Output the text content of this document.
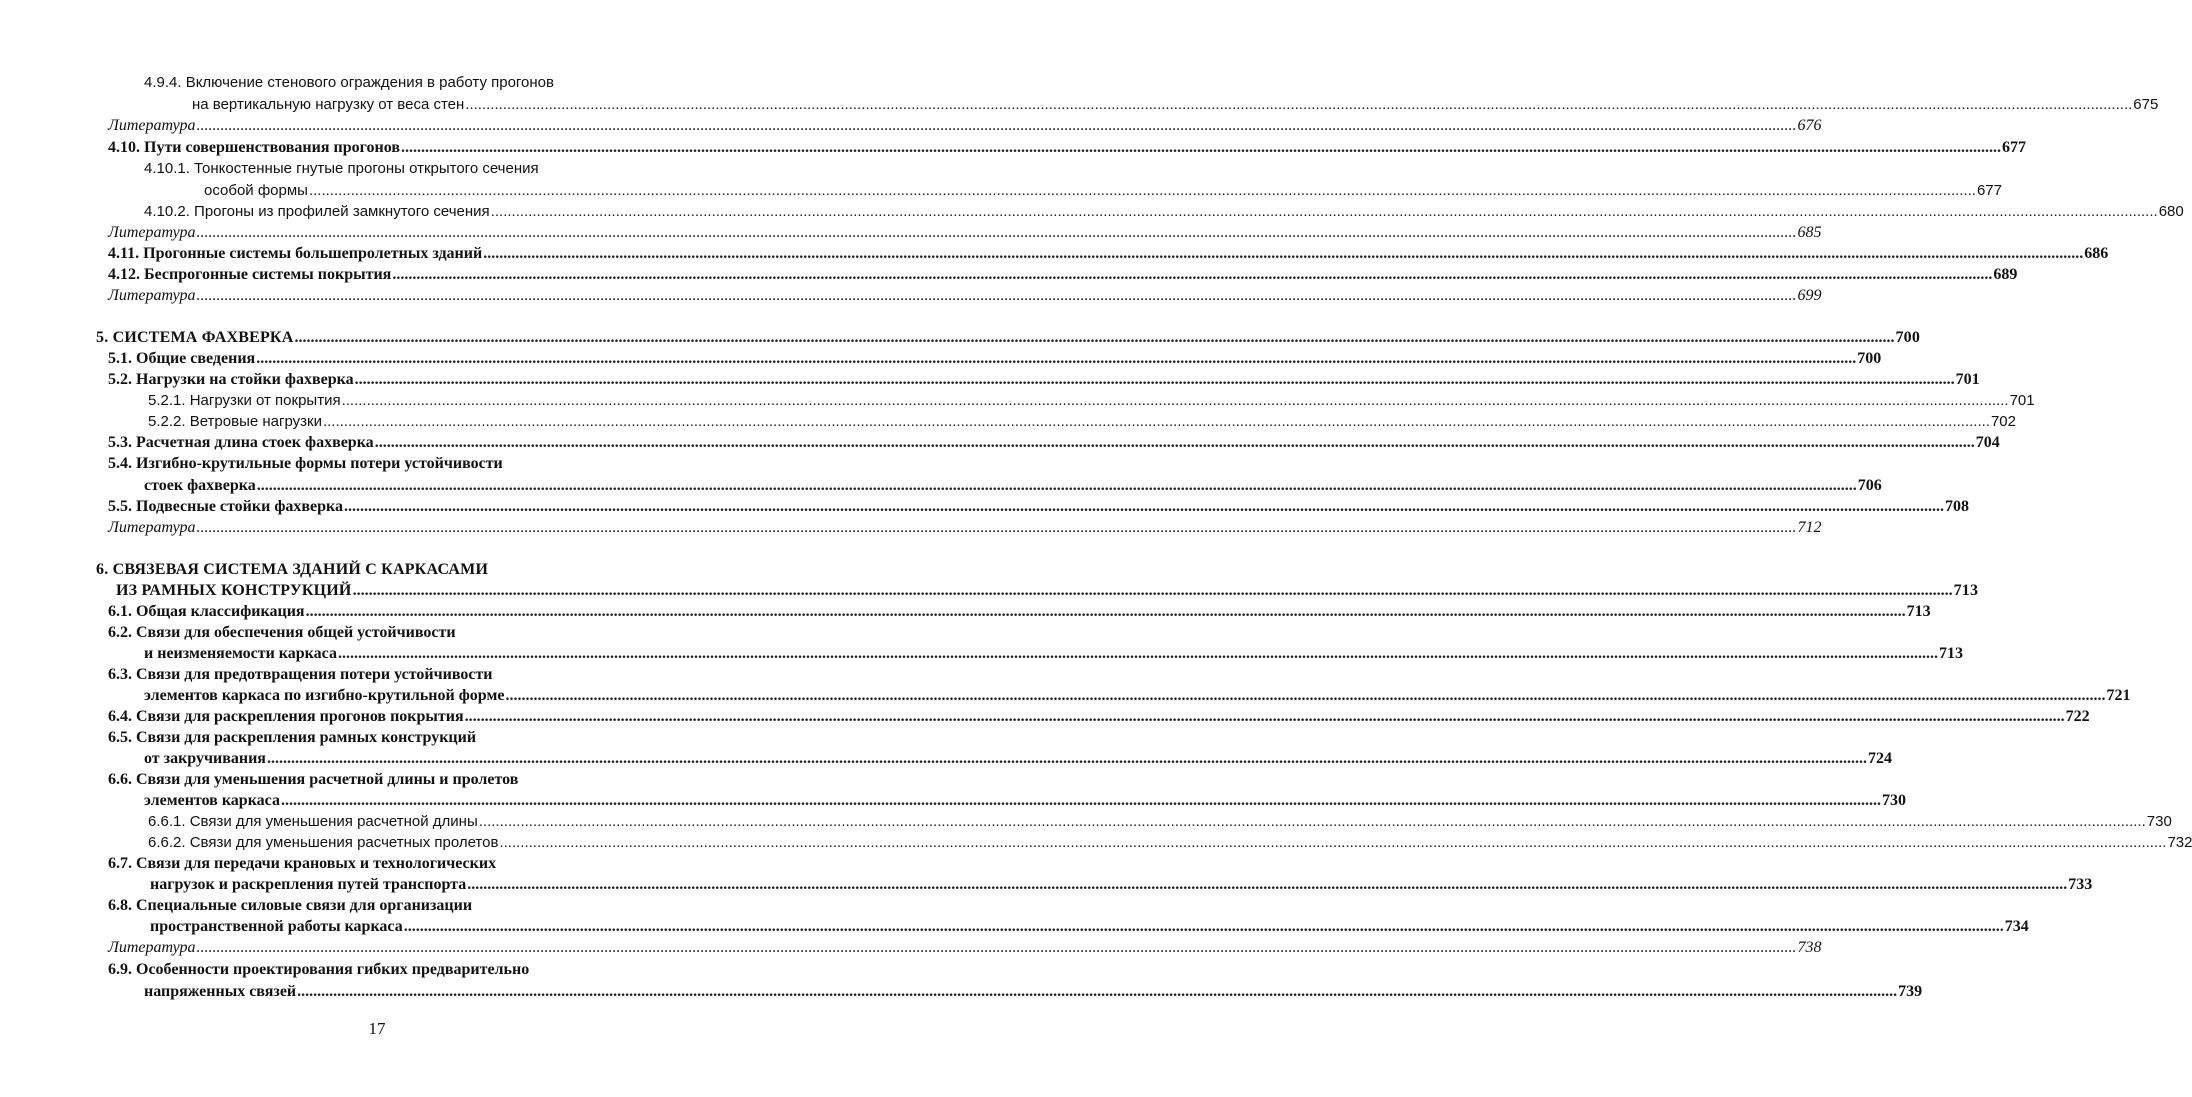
4.9.4. Включение стенового ограждения в работу прогонов
на вертикальную нагрузку от веса стен ................................................................................................................................................................................................................................................................................................................................................................................................................ 675
Литература ................................................................................................................................................................................................................................................................................................................................................................................................................ 676
4.10. Пути совершенствования прогонов ................................................................................................................................................................................................................................................................................................................................................................................................................ 677
4.10.1. Тонкостенные гнутые прогоны открытого сечения
особой формы ................................................................................................................................................................................................................................................................................................................................................................................................................ 677
4.10.2. Прогоны из профилей замкнутого сечения ................................................................................................................................................................................................................................................................................................................................................................................................................ 680
Литература ................................................................................................................................................................................................................................................................................................................................................................................................................ 685
4.11. Прогонные системы большепролетных зданий ................................................................................................................................................................................................................................................................................................................................................................................................................ 686
4.12. Беспрогонные системы покрытия ................................................................................................................................................................................................................................................................................................................................................................................................................ 689
Литература ................................................................................................................................................................................................................................................................................................................................................................................................................ 699
5. СИСТЕМА ФАХВЕРКА ................................................................................................................................................................................................................................................................................................................................................................................................................ 700
5.1. Общие сведения ................................................................................................................................................................................................................................................................................................................................................................................................................ 700
5.2. Нагрузки на стойки фахверка ................................................................................................................................................................................................................................................................................................................................................................................................................ 701
5.2.1. Нагрузки от покрытия ................................................................................................................................................................................................................................................................................................................................................................................................................ 701
5.2.2. Ветровые нагрузки ................................................................................................................................................................................................................................................................................................................................................................................................................ 702
5.3. Расчетная длина стоек фахверка ................................................................................................................................................................................................................................................................................................................................................................................................................ 704
5.4. Изгибно-крутильные формы потери устойчивости
стоек фахверка ................................................................................................................................................................................................................................................................................................................................................................................................................ 706
5.5. Подвесные стойки фахверка ................................................................................................................................................................................................................................................................................................................................................................................................................ 708
Литература ................................................................................................................................................................................................................................................................................................................................................................................................................ 712
6. СВЯЗЕВАЯ СИСТЕМА ЗДАНИЙ С КАРКАСАМИ
ИЗ РАМНЫХ КОНСТРУКЦИЙ ................................................................................................................................................................................................................................................................................................................................................................................................................ 713
6.1. Общая классификация ................................................................................................................................................................................................................................................................................................................................................................................................................ 713
6.2. Связи для обеспечения общей устойчивости
и неизменяемости каркаса ................................................................................................................................................................................................................................................................................................................................................................................................................ 713
6.3. Связи для предотвращения потери устойчивости
элементов каркаса по изгибно-крутильной форме ................................................................................................................................................................................................................................................................................................................................................................................................................ 721
6.4. Связи для раскрепления прогонов покрытия ................................................................................................................................................................................................................................................................................................................................................................................................................ 722
6.5. Связи для раскрепления рамных конструкций
от закручивания ................................................................................................................................................................................................................................................................................................................................................................................................................ 724
6.6. Связи для уменьшения расчетной длины и пролетов
элементов каркаса ................................................................................................................................................................................................................................................................................................................................................................................................................ 730
6.6.1. Связи для уменьшения расчетной длины ................................................................................................................................................................................................................................................................................................................................................................................................................ 730
6.6.2. Связи для уменьшения расчетных пролетов ................................................................................................................................................................................................................................................................................................................................................................................................................ 732
6.7. Связи для передачи крановых и технологических
нагрузок и раскрепления путей транспорта ................................................................................................................................................................................................................................................................................................................................................................................................................ 733
6.8. Специальные силовые связи для организации
пространственной работы каркаса ................................................................................................................................................................................................................................................................................................................................................................................................................ 734
Литература ................................................................................................................................................................................................................................................................................................................................................................................................................ 738
6.9. Особенности проектирования гибких предварительно
напряженных связей ................................................................................................................................................................................................................................................................................................................................................................................................................ 739
17
